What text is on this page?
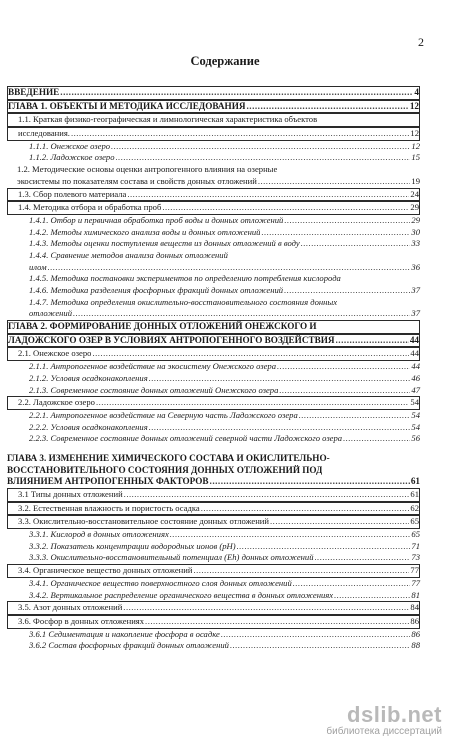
2
Содержание
ВВЕДЕНИЕ .....	4
ГЛАВА 1. ОБЪЕКТЫ И МЕТОДИКА ИССЛЕДОВАНИЯ .....	12
1.1. Краткая физико-географическая и лимнологическая характеристика объектов
исследования. .....	12
1.1.1. Онежское озеро .....	12
1.1.2. Ладожское озеро .....	15
1.2. Методические основы оценки антропогенного влияния на озерные
экосистемы по показателям состава и свойств донных отложений .....	19
1.3. Сбор полевого материала .....	24
1.4. Методика отбора и обработка проб .....	29
1.4.1. Отбор и первичная обработка проб воды и донных отложений .....	29
1.4.2. Методы химического анализа воды и донных отложений .....	30
1.4.3. Методы оценки поступления веществ из донных отложений в воду .....	33
1.4.4. Сравнение методов анализа донных отложений
илом .....	36
1.4.5. Методика постановки экспериментов по определению потребления кислорода
1.4.6. Методика разделения фосфорных фракций донных отложений .....	37
1.4.7. Методика определения окислительно-восстановительного состояния донных
отложений .....	37
ГЛАВА 2. ФОРМИРОВАНИЕ ДОННЫХ ОТЛОЖЕНИЙ ОНЕЖСКОГО И
ЛАДОЖСКОГО ОЗЕР В УСЛОВИЯХ АНТРОПОГЕННОГО ВОЗДЕЙСТВИЯ .....	44
2.1. Онежское озеро .....	44
2.1.1. Антропогенное воздействие на экосистему Онежского озера .....	44
2.1.2. Условия осадконакопления .....	46
2.1.3. Современное состояние донных отложений Онежского озера .....	47
2.2. Ладожское озеро .....	54
2.2.1. Антропогенное воздействие на Северную часть Ладожского озера .....	54
2.2.2. Условия осадконакопления .....	54
2.2.3. Современное состояние донных отложений северной части Ладожского озера .....	56
ГЛАВА 3. ИЗМЕНЕНИЕ ХИМИЧЕСКОГО СОСТАВА И ОКИСЛИТЕЛЬНО-
ВОССТАНОВИТЕЛЬНОГО СОСТОЯНИЯ ДОННЫХ ОТЛОЖЕНИЙ ПОД
ВЛИЯНИЕМ АНТРОПОГЕННЫХ ФАКТОРОВ .....	61
3.1 Типы донных отложений .....	61
3.2. Естественная влажность и пористость осадка .....	62
3.3. Окислительно-восстановительное состояние донных отложений .....	65
3.3.1. Кислород в донных отложениях .....	65
3.3.2. Показатель концентрации водородных ионов (pH) .....	71
3.3.3. Окислительно-восстановительный потенциал (Eh) донных отложений .....	73
3.4. Органическое вещество донных отложений .....	77
3.4.1. Органическое вещество поверхностного слоя донных отложений .....	77
3.4.2. Вертикальное распределение органического вещества в донных отложениях .....	81
3.5. Азот донных отложений .....	84
3.6. Фосфор в донных отложениях .....	86
3.6.1 Седиментация и накопление фосфора в осадке .....	86
3.6.2 Состав фосфорных фракций донных отложений .....	88
dslib.net
библиотека диссертаций
